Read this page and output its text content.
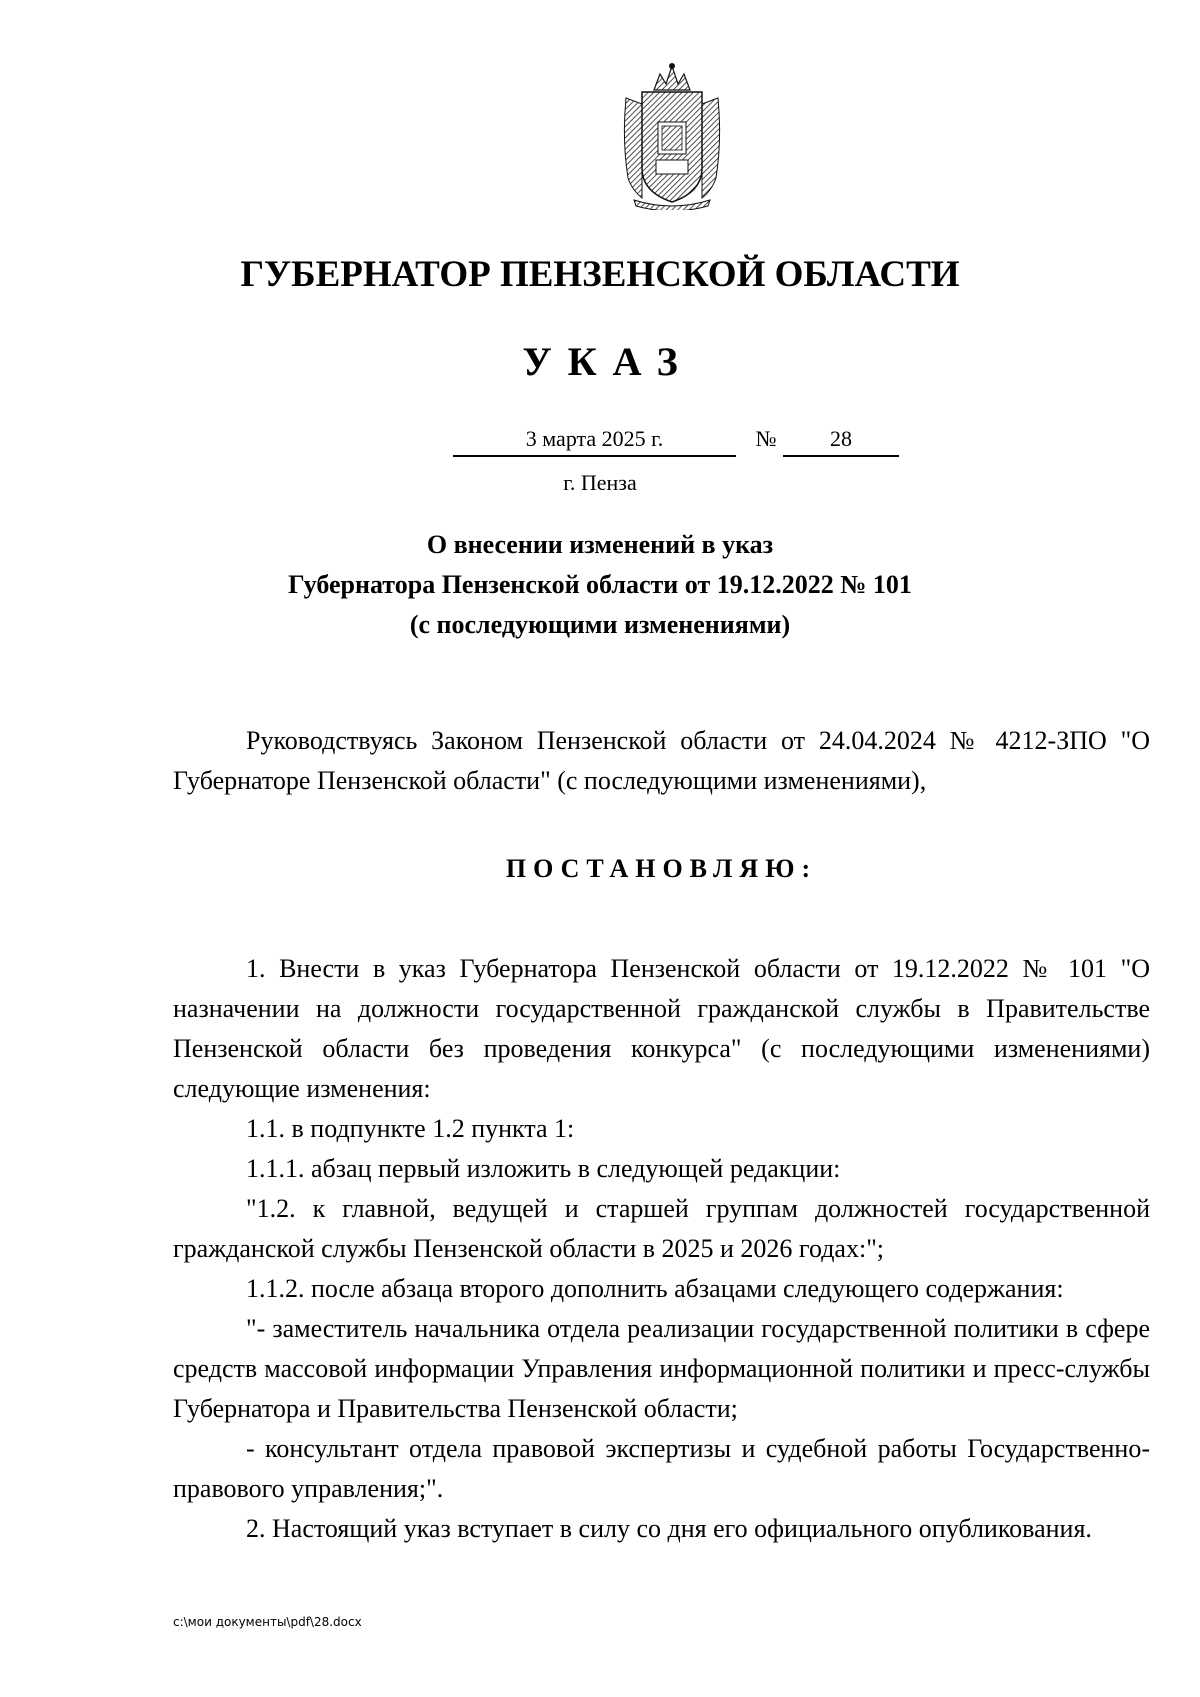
ГУБЕРНАТОР ПЕНЗЕНСКОЙ ОБЛАСТИ
УКАЗ
3 марта 2025 г.	№	28
г. Пенза
О внесении изменений в указ
Губернатора Пензенской области от 19.12.2022 № 101
(с последующими изменениями)

Руководствуясь Законом Пензенской области от 24.04.2024 № 4212-ЗПО "О Губернаторе Пензенской области" (с последующими изменениями),

ПОСТАНОВЛЯЮ:

1. Внести в указ Губернатора Пензенской области от 19.12.2022 № 101 "О назначении на должности государственной гражданской службы в Правительстве Пензенской области без проведения конкурса" (с последующими изменениями) следующие изменения:

1.1. в подпункте 1.2 пункта 1:

1.1.1. абзац первый изложить в следующей редакции:

"1.2. к главной, ведущей и старшей группам должностей государственной гражданской службы Пензенской области в 2025 и 2026 годах:";

1.1.2. после абзаца второго дополнить абзацами следующего содержания:

"- заместитель начальника отдела реализации государственной политики в сфере средств массовой информации Управления информационной политики и пресс-службы Губернатора и Правительства Пензенской области;

- консультант отдела правовой экспертизы и судебной работы Государственно-правового управления;".

2. Настоящий указ вступает в силу со дня его официального опубликования.

c:\мои документы\pdf\28.docx
